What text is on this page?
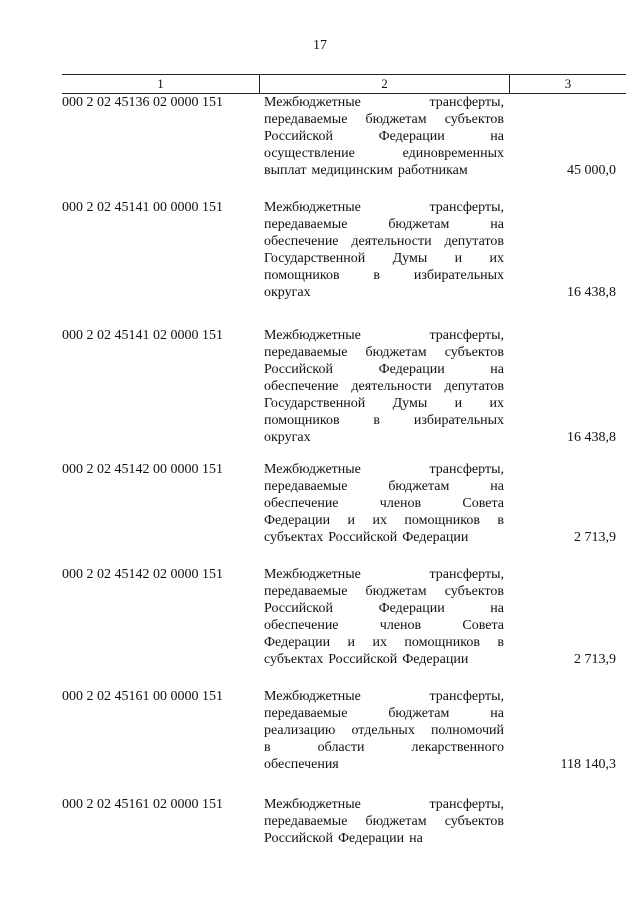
17
1	2	3
000 2 02 45136 02 0000 151	Межбюджетные	трансферты,
передаваемые бюджетам субъектов
Российской	Федерации	на
осуществление	единовременных
выплат медицинским работникам	45 000,0
000 2 02 45141 00 0000 151	Межбюджетные	трансферты,
передаваемые	бюджетам	на
обеспечение деятельности депутатов
Государственной Думы и их
помощников в избирательных
округах	16 438,8
000 2 02 45141 02 0000 151	Межбюджетные	трансферты,
передаваемые бюджетам субъектов
Российской	Федерации	на
обеспечение деятельности депутатов
Государственной Думы и их
помощников в избирательных
округах	16 438,8
000 2 02 45142 00 0000 151	Межбюджетные	трансферты,
передаваемые	бюджетам	на
обеспечение	членов	Совета
Федерации и их помощников в
субъектах Российской Федерации	2 713,9
000 2 02 45142 02 0000 151	Межбюджетные	трансферты,
передаваемые бюджетам субъектов
Российской	Федерации	на
обеспечение	членов	Совета
Федерации и их помощников в
субъектах Российской Федерации	2 713,9
000 2 02 45161 00 0000 151	Межбюджетные	трансферты,
передаваемые	бюджетам	на
реализацию отдельных полномочий
в	области	лекарственного
обеспечения	118 140,3
000 2 02 45161 02 0000 151	Межбюджетные	трансферты,
передаваемые бюджетам субъектов
Российской Федерации на
